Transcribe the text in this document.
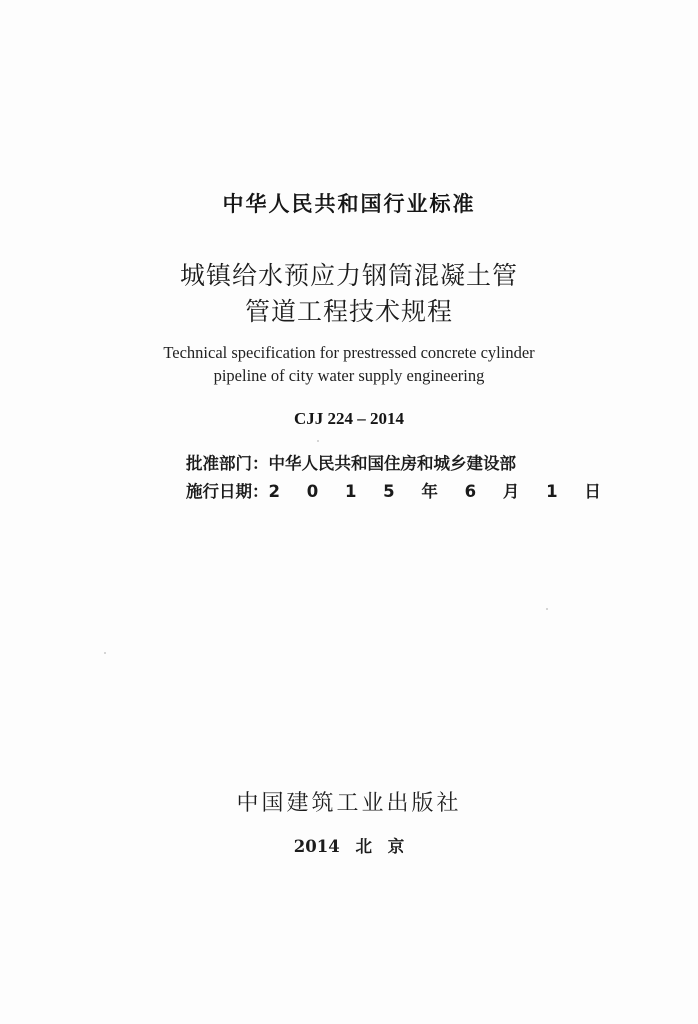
中华人民共和国行业标准
城镇给水预应力钢筒混凝土管
管道工程技术规程
Technical specification for prestressed concrete cylinder
pipeline of city water supply engineering
CJJ 224 – 2014
批准部门：中华人民共和国住房和城乡建设部
施行日期：2 0 1 5 年 6 月 1 日
中国建筑工业出版社
2014 北 京
